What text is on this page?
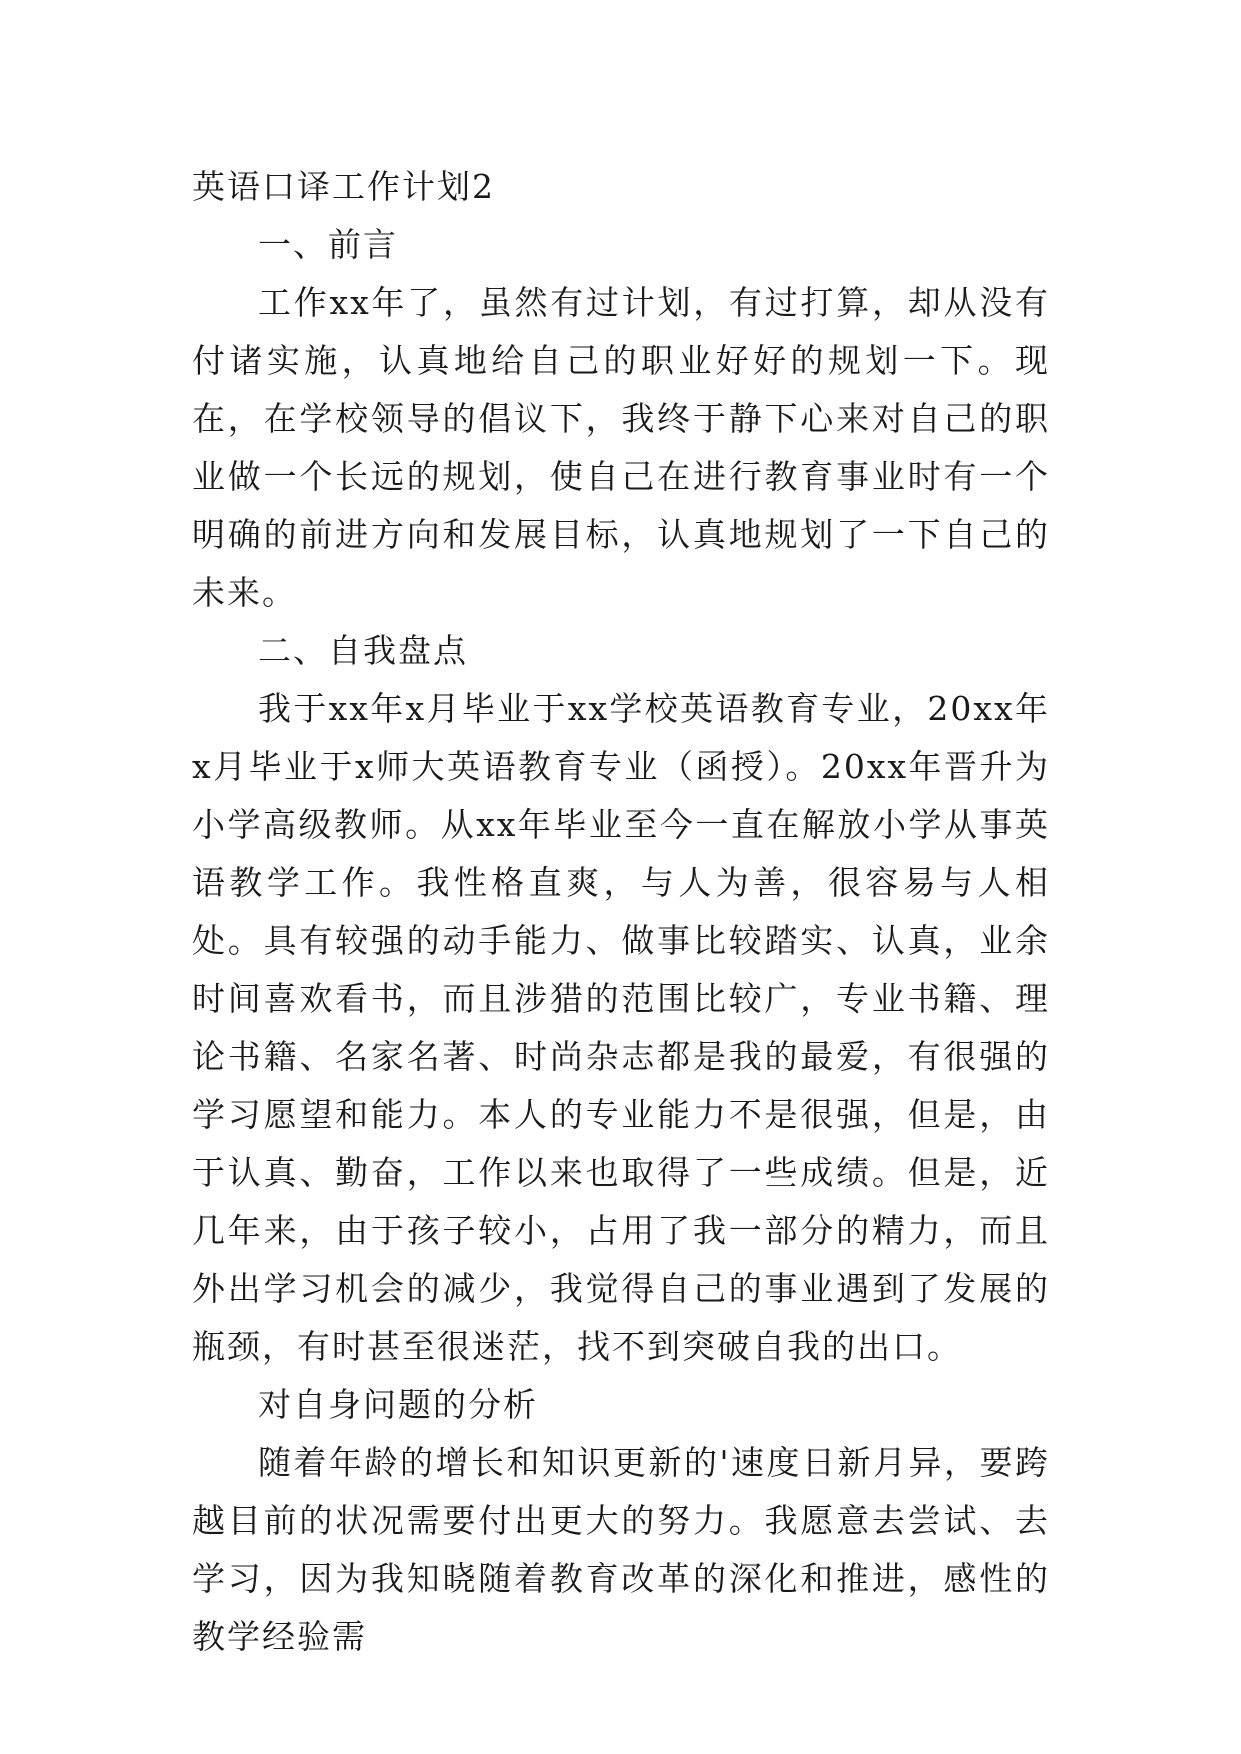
英语口译工作计划2

一、前言

工作xx年了，虽然有过计划，有过打算，却从没有付诸实施，认真地给自己的职业好好的规划一下。现在，在学校领导的倡议下，我终于静下心来对自己的职业做一个长远的规划，使自己在进行教育事业时有一个明确的前进方向和发展目标，认真地规划了一下自己的未来。

二、自我盘点

我于xx年x月毕业于xx学校英语教育专业，20xx年x月毕业于x师大英语教育专业（函授）。20xx年晋升为小学高级教师。从xx年毕业至今一直在解放小学从事英语教学工作。我性格直爽，与人为善，很容易与人相处。具有较强的动手能力、做事比较踏实、认真，业余时间喜欢看书，而且涉猎的范围比较广，专业书籍、理论书籍、名家名著、时尚杂志都是我的最爱，有很强的学习愿望和能力。本人的专业能力不是很强，但是，由于认真、勤奋，工作以来也取得了一些成绩。但是，近几年来，由于孩子较小，占用了我一部分的精力，而且外出学习机会的减少，我觉得自己的事业遇到了发展的瓶颈，有时甚至很迷茫，找不到突破自我的出口。

对自身问题的分析

随着年龄的增长和知识更新的'速度日新月异，要跨越目前的状况需要付出更大的努力。我愿意去尝试、去学习，因为我知晓随着教育改革的深化和推进，感性的教学经验需
